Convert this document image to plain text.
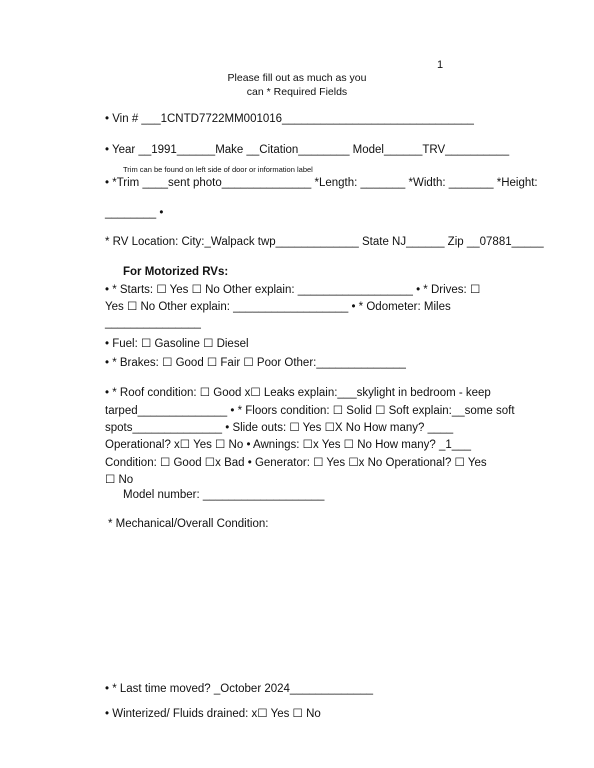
1
Please fill out as much as you
can * Required Fields
• Vin # ___1CNTD7722MM001016______________________________
• Year __1991______Make __Citation________ Model______TRV__________
Trim can be found on left side of door or information label
• *Trim ____sent photo______________ *Length: _______ *Width: _______ *Height:
________ •
* RV Location: City:_Walpack twp_____________ State NJ______ Zip __07881_____
For Motorized RVs:
• * Starts: ☐ Yes ☐ No Other explain: __________________ • * Drives: ☐
Yes ☐ No Other explain: __________________ • * Odometer: Miles
_______________
• Fuel: ☐ Gasoline ☐ Diesel
• * Brakes: ☐ Good ☐ Fair ☐ Poor Other:______________
• * Roof condition: ☐ Good x☐ Leaks explain:___skylight in bedroom - keep
tarped______________ • * Floors condition: ☐ Solid ☐ Soft explain:__some soft
spots______________ • Slide outs: ☐ Yes ☐X No How many? ____
Operational? x☐ Yes ☐ No • Awnings: ☐x Yes ☐ No How many? _1___
Condition: ☐ Good ☐x Bad • Generator: ☐ Yes ☐x No Operational? ☐ Yes
☐ No
Model number: ___________________
* Mechanical/Overall Condition:
• * Last time moved? _October 2024_____________
• Winterized/ Fluids drained: x☐ Yes ☐ No
